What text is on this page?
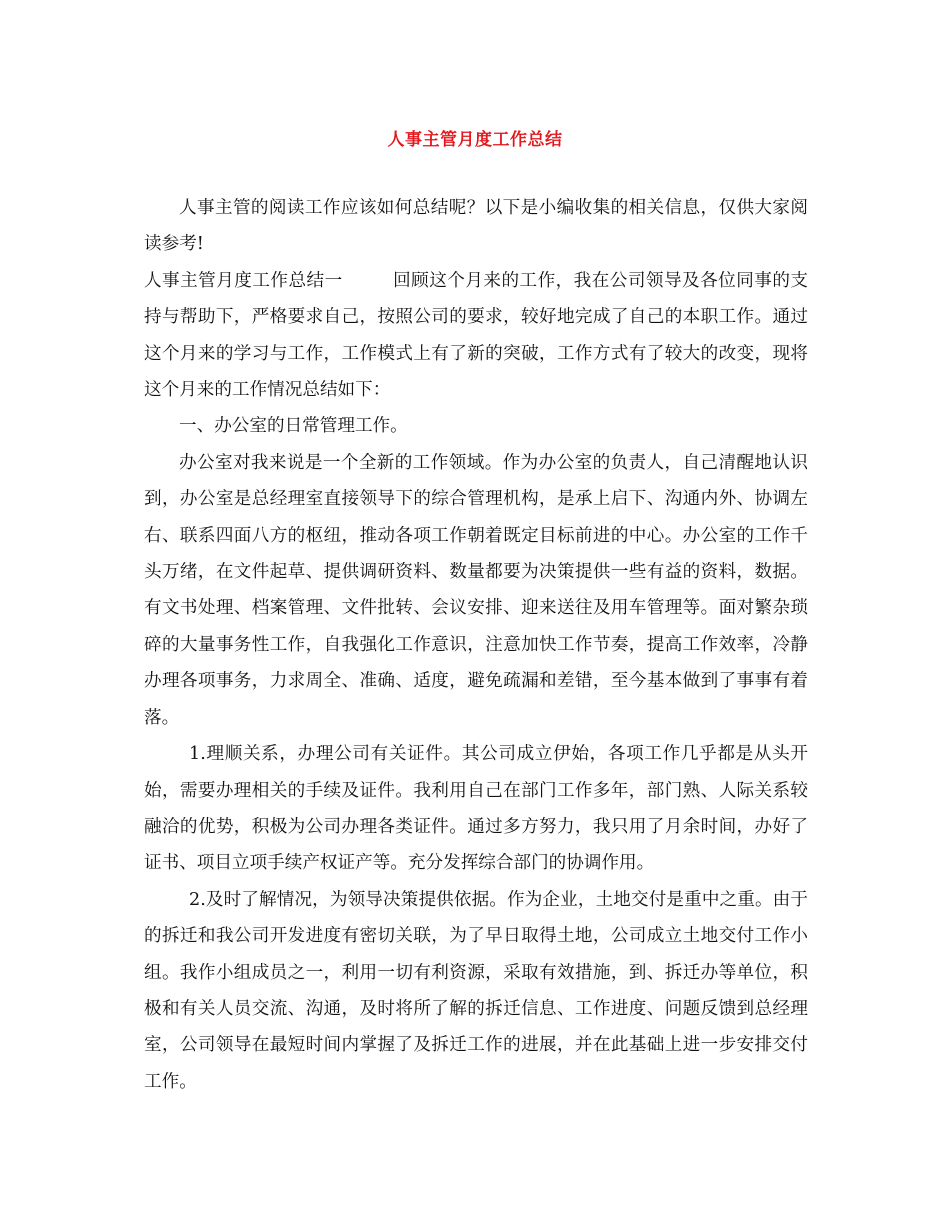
人事主管月度工作总结

人事主管的阅读工作应该如何总结呢？以下是小编收集的相关信息，仅供大家阅读参考!

人事主管月度工作总结一	回顾这个月来的工作，我在公司领导及各位同事的支持与帮助下，严格要求自己，按照公司的要求，较好地完成了自己的本职工作。通过这个月来的学习与工作，工作模式上有了新的突破，工作方式有了较大的改变，现将这个月来的工作情况总结如下：

一、办公室的日常管理工作。

办公室对我来说是一个全新的工作领域。作为办公室的负责人，自己清醒地认识到，办公室是总经理室直接领导下的综合管理机构，是承上启下、沟通内外、协调左右、联系四面八方的枢纽，推动各项工作朝着既定目标前进的中心。办公室的工作千头万绪，在文件起草、提供调研资料、数量都要为决策提供一些有益的资料，数据。有文书处理、档案管理、文件批转、会议安排、迎来送往及用车管理等。面对繁杂琐碎的大量事务性工作，自我强化工作意识，注意加快工作节奏，提高工作效率，冷静办理各项事务，力求周全、准确、适度，避免疏漏和差错，至今基本做到了事事有着落。

1.理顺关系，办理公司有关证件。其公司成立伊始，各项工作几乎都是从头开始，需要办理相关的手续及证件。我利用自己在部门工作多年，部门熟、人际关系较融洽的优势，积极为公司办理各类证件。通过多方努力，我只用了月余时间，办好了证书、项目立项手续产权证产等。充分发挥综合部门的协调作用。

2.及时了解情况，为领导决策提供依据。作为企业，土地交付是重中之重。由于的拆迁和我公司开发进度有密切关联，为了早日取得土地，公司成立土地交付工作小组。我作小组成员之一，利用一切有利资源，采取有效措施，到、拆迁办等单位，积极和有关人员交流、沟通，及时将所了解的拆迁信息、工作进度、问题反馈到总经理室，公司领导在最短时间内掌握了及拆迁工作的进展，并在此基础上进一步安排交付工作。
